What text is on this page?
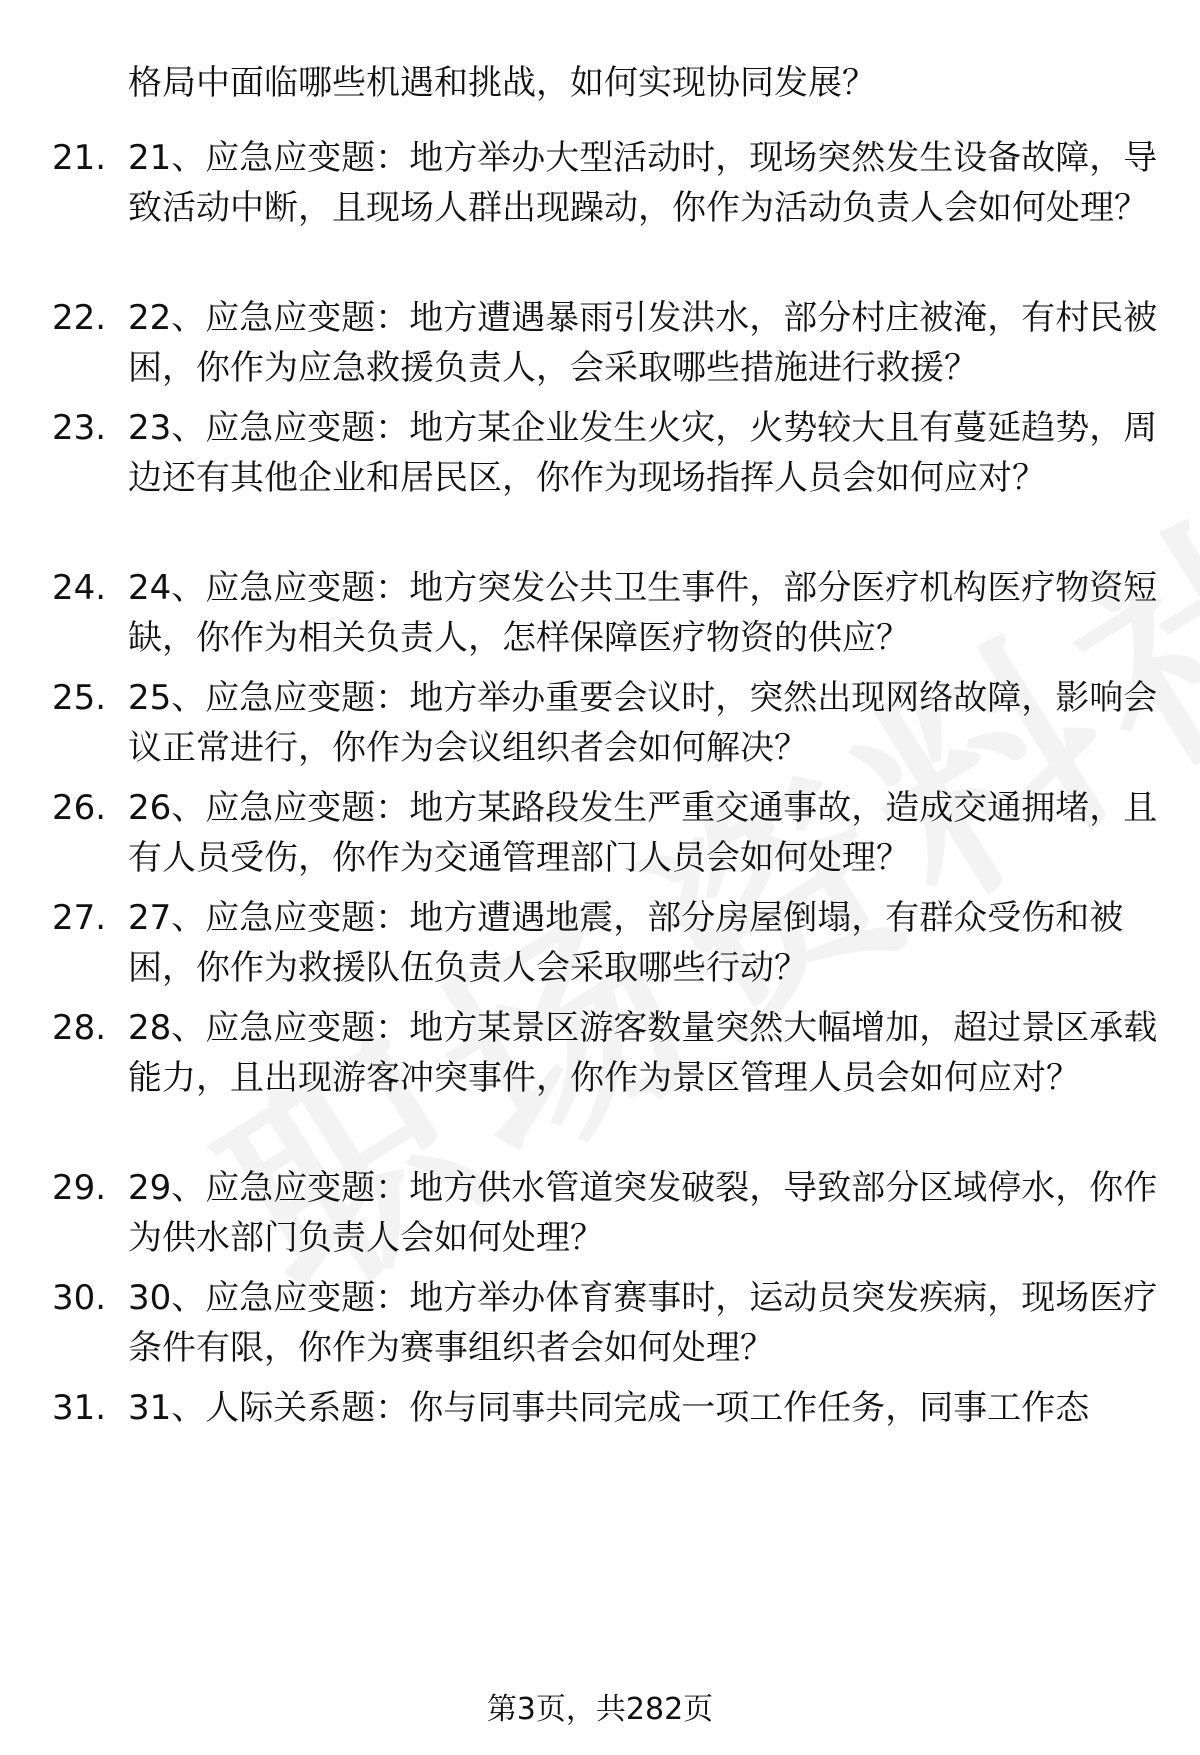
格局中面临哪些机遇和挑战，如何实现协同发展？
21. 21、应急应变题：地方举办大型活动时，现场突然发生设备故障，导致活动中断，且现场人群出现躁动，你作为活动负责人会如何处理？
22. 22、应急应变题：地方遭遇暴雨引发洪水，部分村庄被淹，有村民被困，你作为应急救援负责人，会采取哪些措施进行救援？
23. 23、应急应变题：地方某企业发生火灾，火势较大且有蔓延趋势，周边还有其他企业和居民区，你作为现场指挥人员会如何应对？
24. 24、应急应变题：地方突发公共卫生事件，部分医疗机构医疗物资短缺，你作为相关负责人，怎样保障医疗物资的供应？
25. 25、应急应变题：地方举办重要会议时，突然出现网络故障，影响会议正常进行，你作为会议组织者会如何解决？
26. 26、应急应变题：地方某路段发生严重交通事故，造成交通拥堵，且有人员受伤，你作为交通管理部门人员会如何处理？
27. 27、应急应变题：地方遭遇地震，部分房屋倒塌，有群众受伤和被困，你作为救援队伍负责人会采取哪些行动？
28. 28、应急应变题：地方某景区游客数量突然大幅增加，超过景区承载能力，且出现游客冲突事件，你作为景区管理人员会如何应对？
29. 29、应急应变题：地方供水管道突发破裂，导致部分区域停水，你作为供水部门负责人会如何处理？
30. 30、应急应变题：地方举办体育赛事时，运动员突发疾病，现场医疗条件有限，你作为赛事组织者会如何处理？
31. 31、人际关系题：你与同事共同完成一项工作任务，同事工作态
第3页，共282页
